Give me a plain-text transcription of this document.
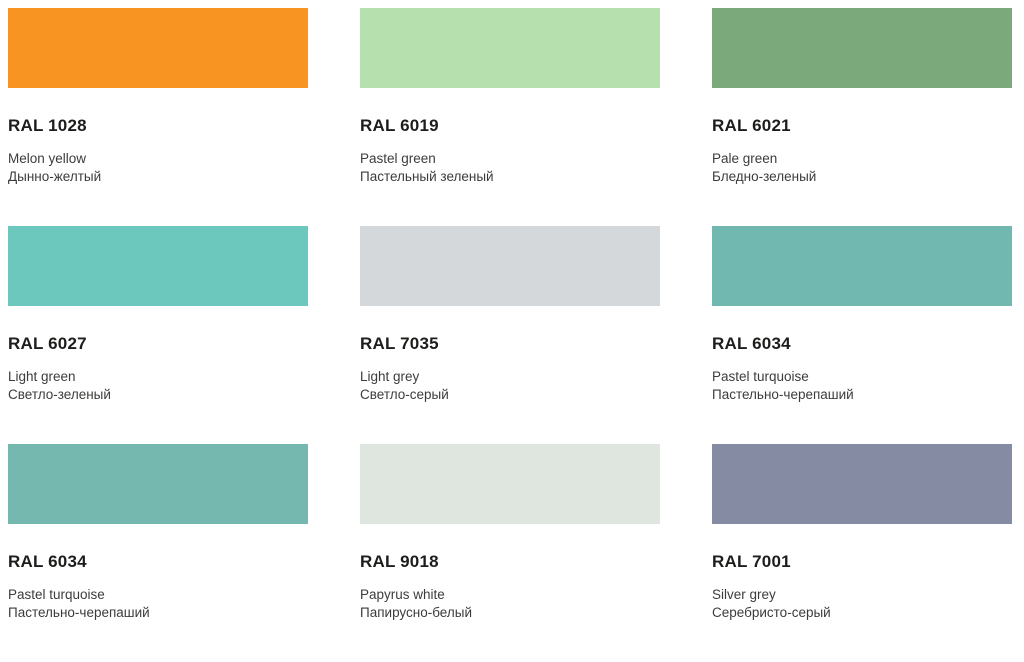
RAL 1028
Melon yellow
Дынно-желтый
RAL 6019
Pastel green
Пастельный зеленый
RAL 6021
Pale green
Бледно-зеленый
RAL 6027
Light green
Светло-зеленый
RAL 7035
Light grey
Светло-серый
RAL 6034
Pastel turquoise
Пастельно-черепаший
RAL 6034
Pastel turquoise
Пастельно-черепаший
RAL 9018
Papyrus white
Папирусно-белый
RAL 7001
Silver grey
Серебристо-серый
